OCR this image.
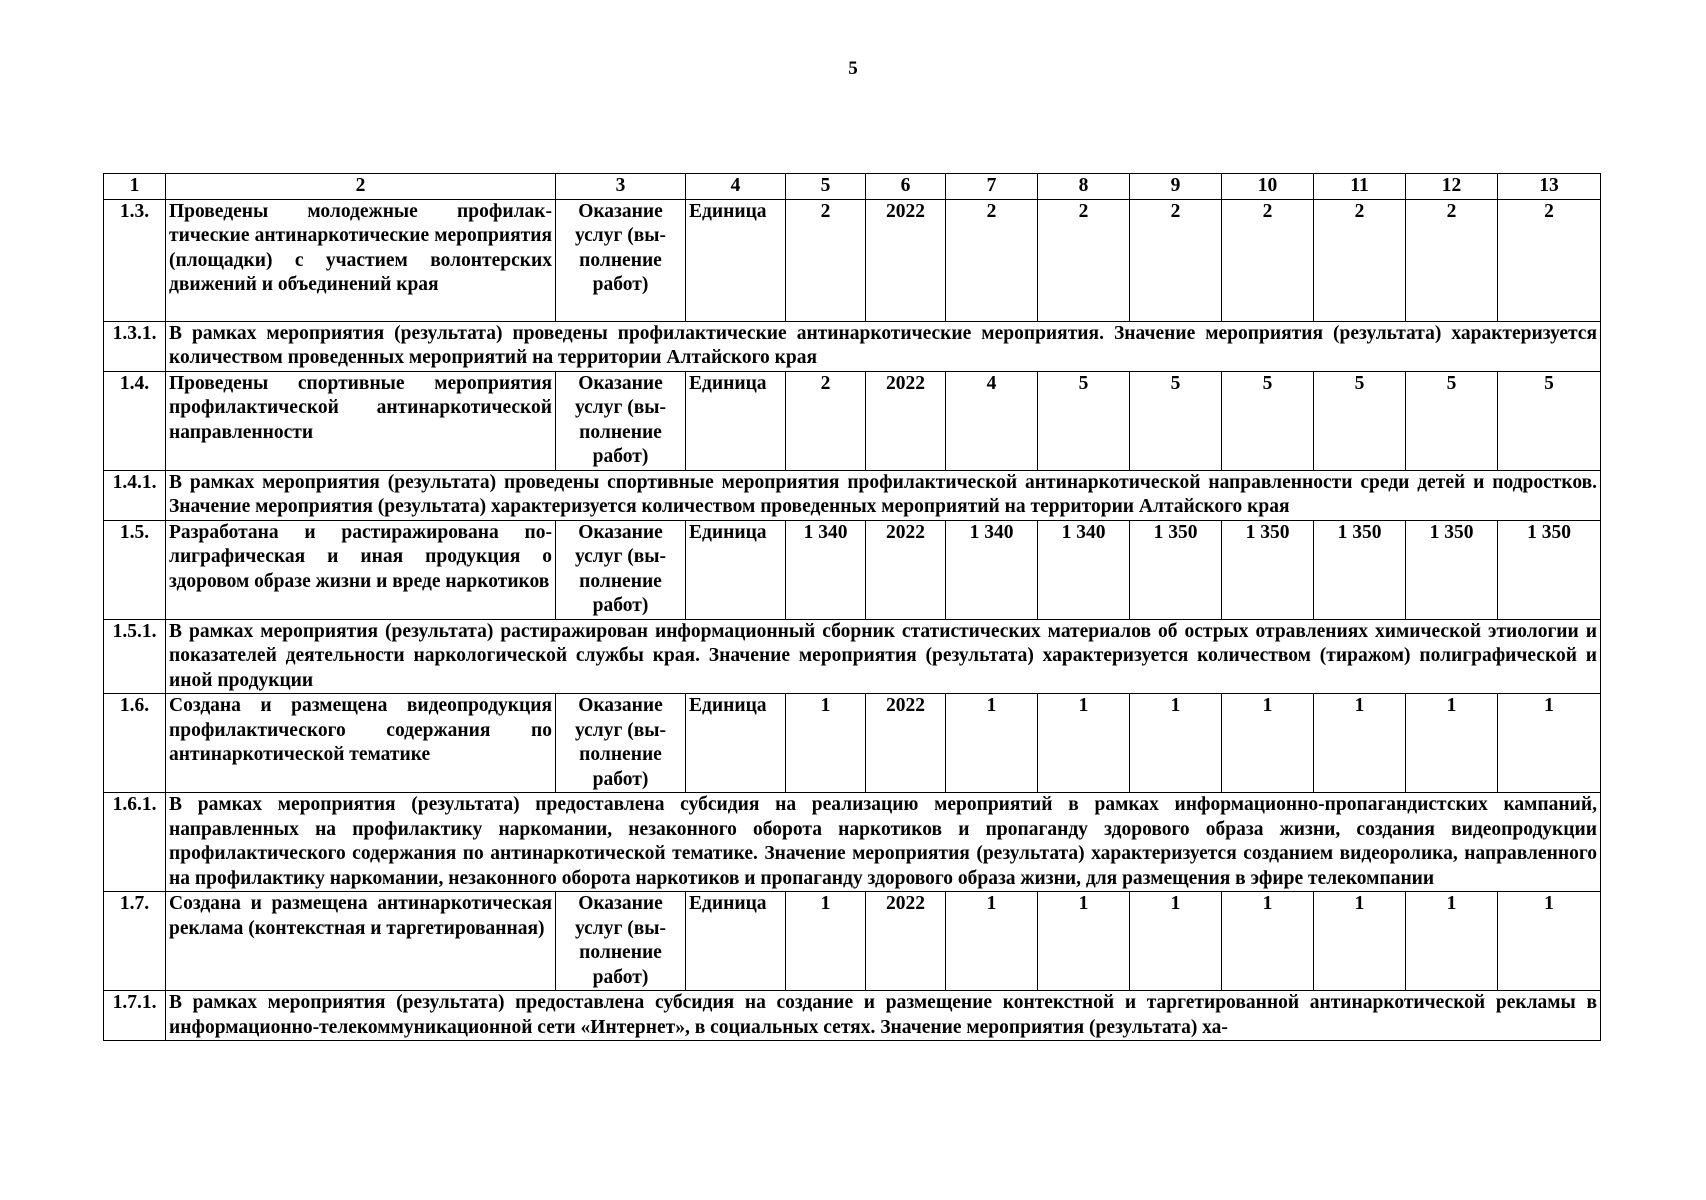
5
1	2	3	4	5	6	7	8	9	10	11	12	13
1.3.	Проведены молодежные профилактические антинаркотические мероприятия (площадки) с участием волонтерских движений и объединений края	Оказание услуг (выполнение работ)	Единица	2	2022	2	2	2	2	2	2	2
1.3.1.	В рамках мероприятия (результата) проведены профилактические антинаркотические мероприятия. Значение мероприятия (результата) характеризуется количеством проведенных мероприятий на территории Алтайского края											
1.4.	Проведены спортивные мероприятия профилактической антинаркотической направленности	Оказание услуг (выполнение работ)	Единица	2	2022	4	5	5	5	5	5	5
1.4.1.	В рамках мероприятия (результата) проведены спортивные мероприятия профилактической антинаркотической направленности среди детей и подростков. Значение мероприятия (результата) характеризуется количеством проведенных мероприятий на территории Алтайского края											
1.5.	Разработана и растиражирована полиграфическая и иная продукция о здоровом образе жизни и вреде наркотиков	Оказание услуг (выполнение работ)	Единица	1 340	2022	1 340	1 340	1 350	1 350	1 350	1 350	1 350
1.5.1.	В рамках мероприятия (результата) растиражирован информационный сборник статистических материалов об острых отравлениях химической этиологии и показателей деятельности наркологической службы края. Значение мероприятия (результата) характеризуется количеством (тиражом) полиграфической и иной продукции											
1.6.	Создана и размещена видеопродукция профилактического содержания по антинаркотической тематике	Оказание услуг (выполнение работ)	Единица	1	2022	1	1	1	1	1	1	1
1.6.1.	В рамках мероприятия (результата) предоставлена субсидия на реализацию мероприятий в рамках информационно-пропагандистских кампаний, направленных на профилактику наркомании, незаконного оборота наркотиков и пропаганду здорового образа жизни, создания видеопродукции профилактического содержания по антинаркотической тематике. Значение мероприятия (результата) характеризуется созданием видеоролика, направленного на профилактику наркомании, незаконного оборота наркотиков и пропаганду здорового образа жизни, для размещения в эфире телекомпании											
1.7.	Создана и размещена антинаркотическая реклама (контекстная и таргетированная)	Оказание услуг (выполнение работ)	Единица	1	2022	1	1	1	1	1	1	1
1.7.1.	В рамках мероприятия (результата) предоставлена субсидия на создание и размещение контекстной и таргетированной антинаркотической рекламы в информационно-телекоммуникационной сети «Интернет», в социальных сетях. Значение мероприятия (результата) ха-											
